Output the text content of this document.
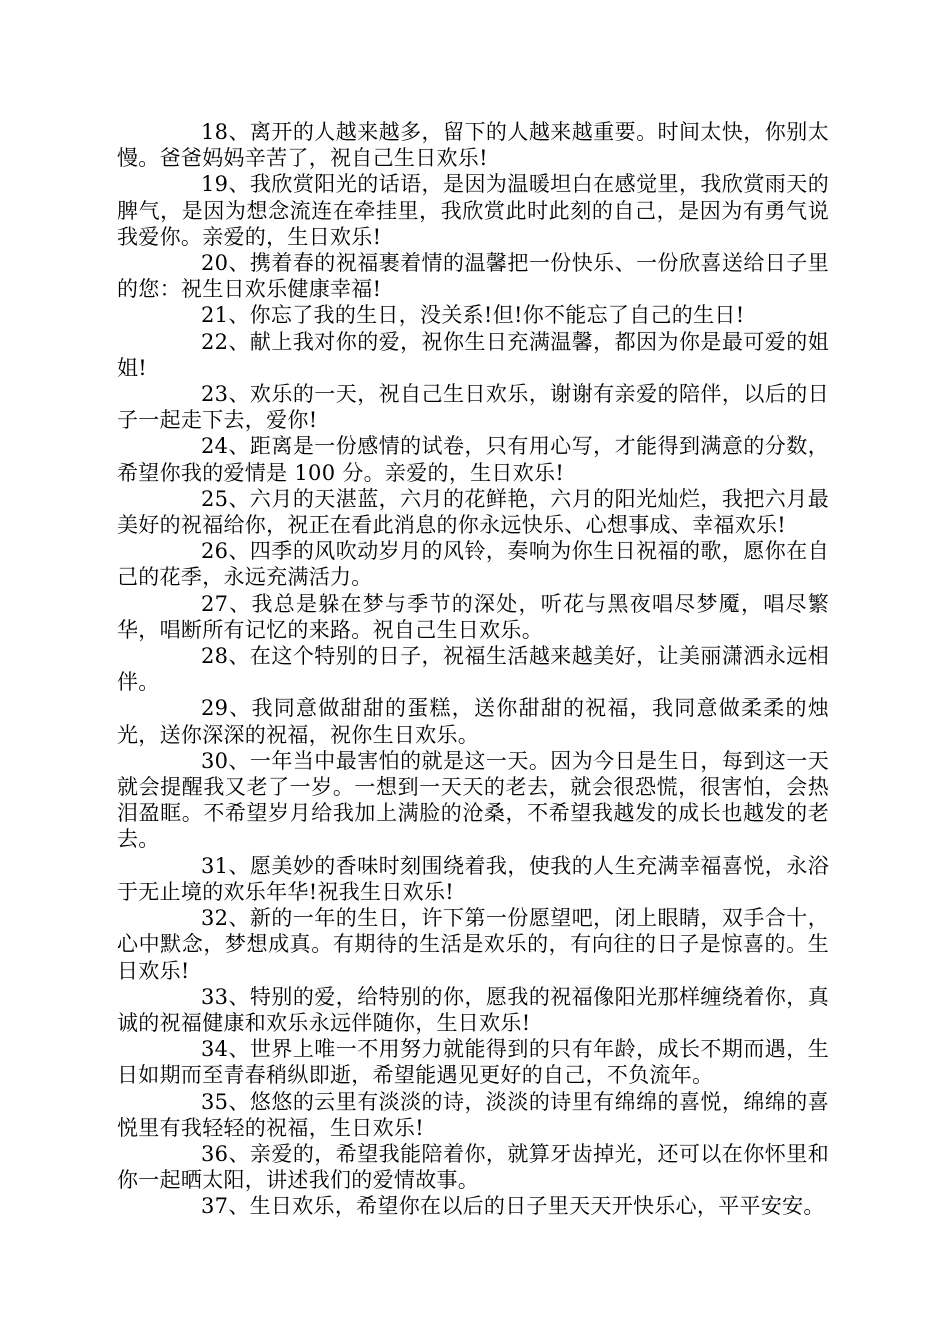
18、离开的人越来越多，留下的人越来越重要。时间太快，你别太慢。爸爸妈妈辛苦了，祝自己生日欢乐!

19、我欣赏阳光的话语，是因为温暖坦白在感觉里，我欣赏雨天的脾气，是因为想念流连在牵挂里，我欣赏此时此刻的自己，是因为有勇气说我爱你。亲爱的，生日欢乐!

20、携着春的祝福裹着情的温馨把一份快乐、一份欣喜送给日子里的您：祝生日欢乐健康幸福!

21、你忘了我的生日，没关系!但!你不能忘了自己的生日!

22、献上我对你的爱，祝你生日充满温馨，都因为你是最可爱的姐姐!

23、欢乐的一天，祝自己生日欢乐，谢谢有亲爱的陪伴，以后的日子一起走下去，爱你!

24、距离是一份感情的试卷，只有用心写，才能得到满意的分数，希望你我的爱情是 100 分。亲爱的，生日欢乐!

25、六月的天湛蓝，六月的花鲜艳，六月的阳光灿烂，我把六月最美好的祝福给你，祝正在看此消息的你永远快乐、心想事成、幸福欢乐!

26、四季的风吹动岁月的风铃，奏响为你生日祝福的歌，愿你在自己的花季，永远充满活力。

27、我总是躲在梦与季节的深处，听花与黑夜唱尽梦魇，唱尽繁华，唱断所有记忆的来路。祝自己生日欢乐。

28、在这个特别的日子，祝福生活越来越美好，让美丽潇洒永远相伴。

29、我同意做甜甜的蛋糕，送你甜甜的祝福，我同意做柔柔的烛光，送你深深的祝福，祝你生日欢乐。

30、一年当中最害怕的就是这一天。因为今日是生日，每到这一天就会提醒我又老了一岁。一想到一天天的老去，就会很恐慌，很害怕，会热泪盈眶。不希望岁月给我加上满脸的沧桑，不希望我越发的成长也越发的老去。

31、愿美妙的香味时刻围绕着我，使我的人生充满幸福喜悦，永浴于无止境的欢乐年华!祝我生日欢乐!

32、新的一年的生日，许下第一份愿望吧，闭上眼睛，双手合十，心中默念，梦想成真。有期待的生活是欢乐的，有向往的日子是惊喜的。生日欢乐!

33、特别的爱，给特别的你，愿我的祝福像阳光那样缠绕着你，真诚的祝福健康和欢乐永远伴随你，生日欢乐!

34、世界上唯一不用努力就能得到的只有年龄，成长不期而遇，生日如期而至青春稍纵即逝，希望能遇见更好的自己，不负流年。

35、悠悠的云里有淡淡的诗，淡淡的诗里有绵绵的喜悦，绵绵的喜悦里有我轻轻的祝福，生日欢乐!

36、亲爱的，希望我能陪着你，就算牙齿掉光，还可以在你怀里和你一起晒太阳，讲述我们的爱情故事。

37、生日欢乐，希望你在以后的日子里天天开快乐心，平平安安。
